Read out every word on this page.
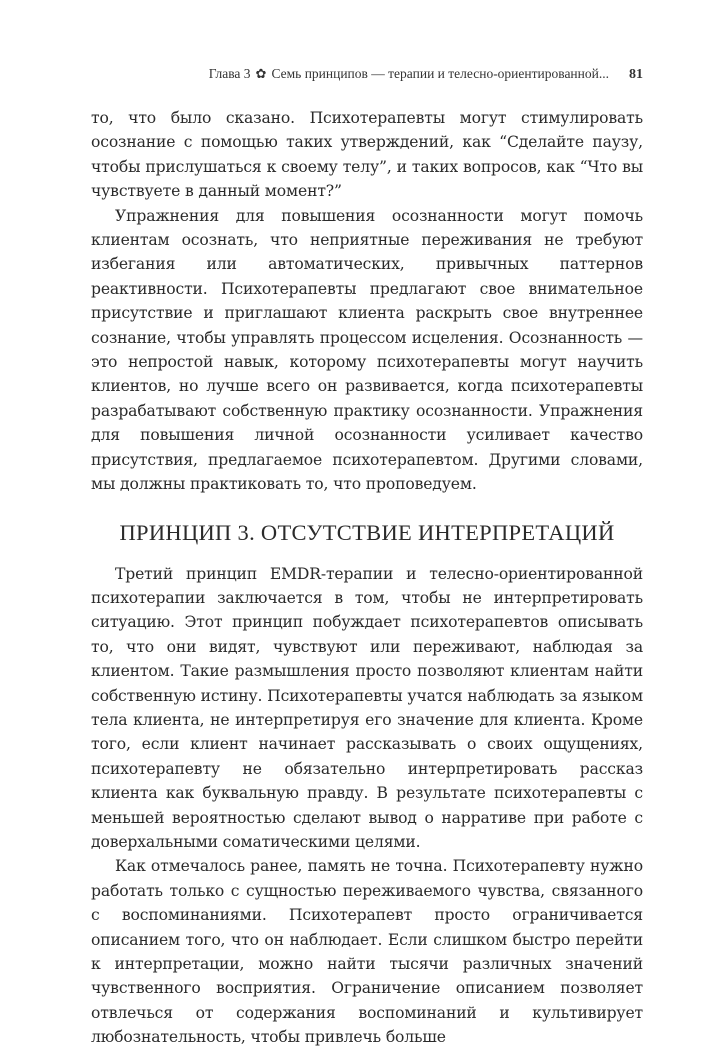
Глава 3 ✿ Семь принципов — терапии и телесно-ориентированной... 81

то, что было сказано. Психотерапевты могут стимулировать осознание с помощью таких утверждений, как “Сделайте паузу, чтобы прислушаться к своему телу”, и таких вопросов, как “Что вы чувствуете в данный момент?”

Упражнения для повышения осознанности могут помочь клиентам осознать, что неприятные переживания не требуют избегания или автоматических, привычных паттернов реактивности. Психотерапевты предлагают свое внимательное присутствие и приглашают клиента раскрыть свое внутреннее сознание, чтобы управлять процессом исцеления. Осознанность — это непростой навык, которому психотерапевты могут научить клиентов, но лучше всего он развивается, когда психотерапевты разрабатывают собственную практику осознанности. Упражнения для повышения личной осознанности усиливает качество присутствия, предлагаемое психотерапевтом. Другими словами, мы должны практиковать то, что проповедуем.

ПРИНЦИП 3. ОТСУТСТВИЕ ИНТЕРПРЕТАЦИЙ

Третий принцип EMDR-терапии и телесно-ориентированной психотерапии заключается в том, чтобы не интерпретировать ситуацию. Этот принцип побуждает психотерапевтов описывать то, что они видят, чувствуют или переживают, наблюдая за клиентом. Такие размышления просто позволяют клиентам найти собственную истину. Психотерапевты учатся наблюдать за языком тела клиента, не интерпретируя его значение для клиента. Кроме того, если клиент начинает рассказывать о своих ощущениях, психотерапевту не обязательно интерпретировать рассказ клиента как буквальную правду. В результате психотерапевты с меньшей вероятностью сделают вывод о нарративе при работе с доверхальными соматическими целями.

Как отмечалось ранее, память не точна. Психотерапевту нужно работать только с сущностью переживаемого чувства, связанного с воспоминаниями. Психотерапевт просто ограничивается описанием того, что он наблюдает. Если слишком быстро перейти к интерпретации, можно найти тысячи различных значений чувственного восприятия. Ограничение описанием позволяет отвлечься от содержания воспоминаний и культивирует любознательность, чтобы привлечь больше
